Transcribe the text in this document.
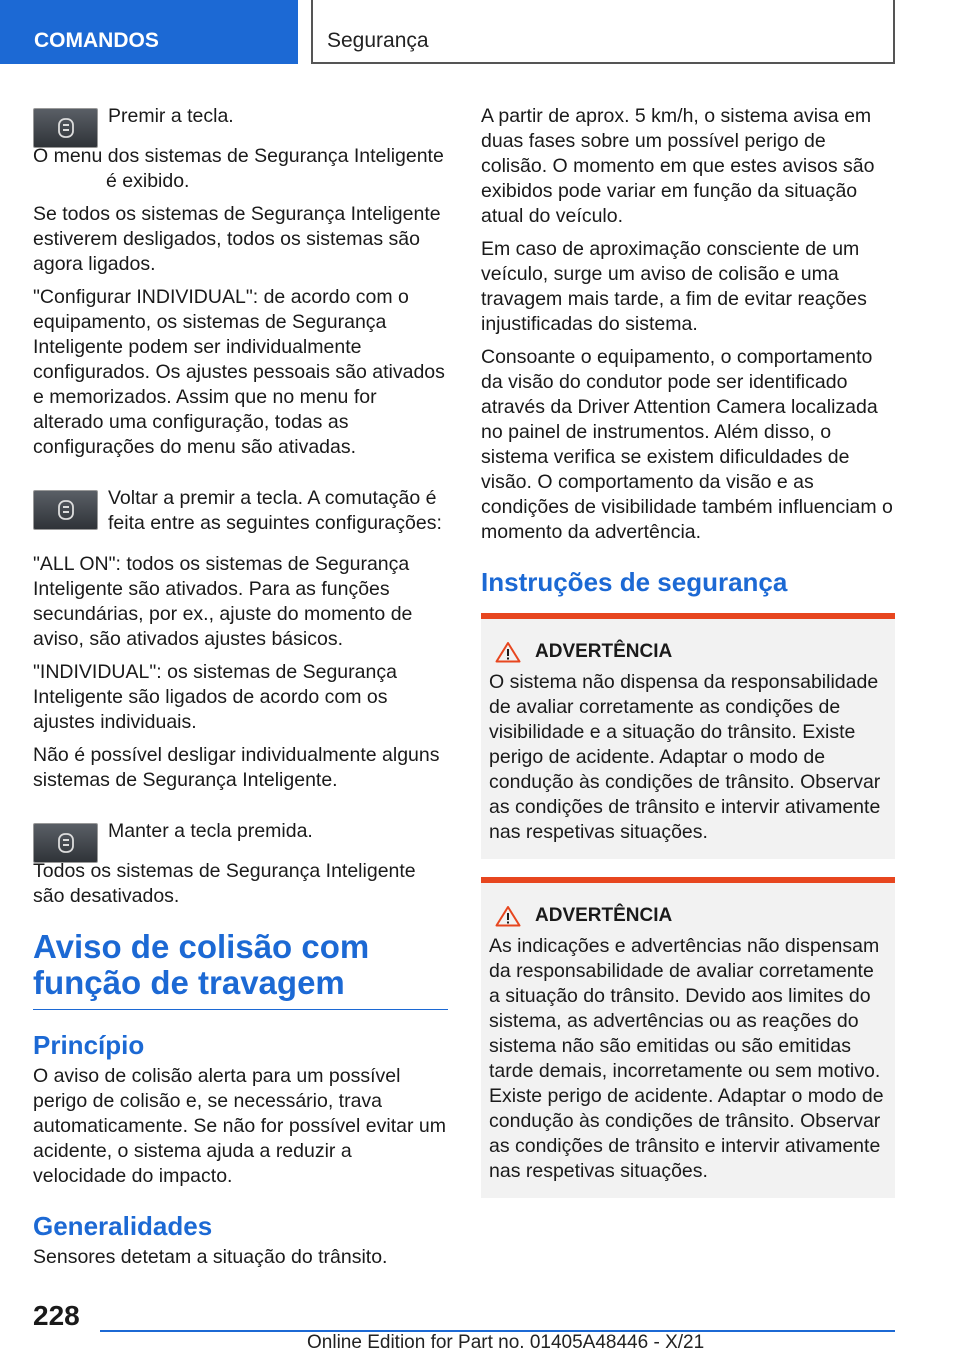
COMANDOS	Segurança

Premir a tecla.

O menu dos sistemas de Segurança Inteligente é exibido.

Se todos os sistemas de Segurança Inteligente estiverem desligados, todos os sistemas são agora ligados.

"Configurar INDIVIDUAL": de acordo com o equipamento, os sistemas de Segurança Inteligente podem ser individualmente configurados. Os ajustes pessoais são ativados e memorizados. Assim que no menu for alterado uma configuração, todas as configurações do menu são ativadas.

Voltar a premir a tecla. A comutação é feita entre as seguintes configurações:

"ALL ON": todos os sistemas de Segurança Inteligente são ativados. Para as funções secundárias, por ex., ajuste do momento de aviso, são ativados ajustes básicos.

"INDIVIDUAL": os sistemas de Segurança Inteligente são ligados de acordo com os ajustes individuais.

Não é possível desligar individualmente alguns sistemas de Segurança Inteligente.

Manter a tecla premida.

Todos os sistemas de Segurança Inteligente são desativados.

Aviso de colisão com função de travagem
Princípio

O aviso de colisão alerta para um possível perigo de colisão e, se necessário, trava automaticamente. Se não for possível evitar um acidente, o sistema ajuda a reduzir a velocidade do impacto.

Generalidades

Sensores detetam a situação do trânsito.

A partir de aprox. 5 km/h, o sistema avisa em duas fases sobre um possível perigo de colisão. O momento em que estes avisos são exibidos pode variar em função da situação atual do veículo.

Em caso de aproximação consciente de um veículo, surge um aviso de colisão e uma travagem mais tarde, a fim de evitar reações injustificadas do sistema.

Consoante o equipamento, o comportamento da visão do condutor pode ser identificado através da Driver Attention Camera localizada no painel de instrumentos. Além disso, o sistema verifica se existem dificuldades de visão. O comportamento da visão e as condições de visibilidade também influenciam o momento da advertência.

Instruções de segurança
ADVERTÊNCIA

O sistema não dispensa da responsabilidade de avaliar corretamente as condições de visibilidade e a situação do trânsito. Existe perigo de acidente. Adaptar o modo de condução às condições de trânsito. Observar as condições de trânsito e intervir ativamente nas respetivas situações.

ADVERTÊNCIA

As indicações e advertências não dispensam da responsabilidade de avaliar corretamente a situação do trânsito. Devido aos limites do sistema, as advertências ou as reações do sistema não são emitidas ou são emitidas tarde demais, incorretamente ou sem motivo. Existe perigo de acidente. Adaptar o modo de condução às condições de trânsito. Observar as condições de trânsito e intervir ativamente nas respetivas situações.

228
Online Edition for Part no. 01405A48446 - X/21
